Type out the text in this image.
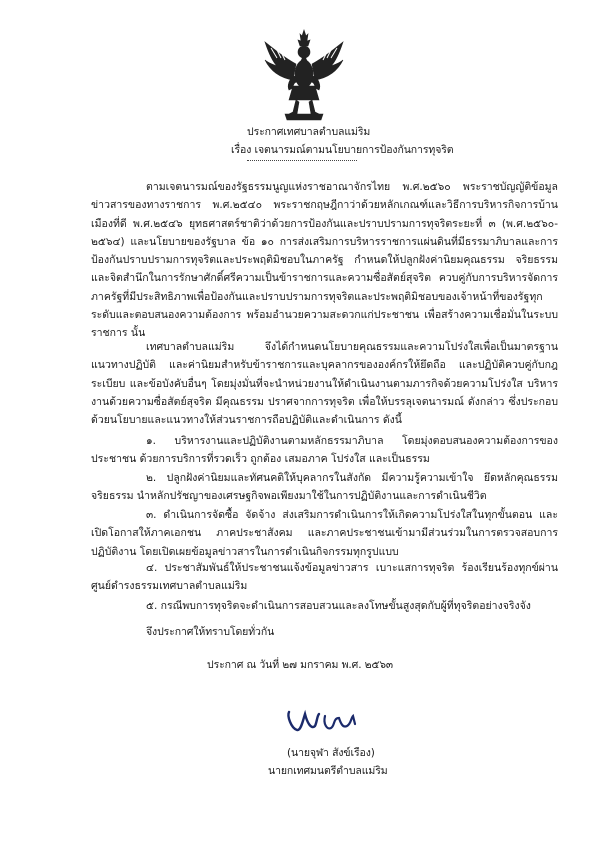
ประกาศเทศบาลตำบลแม่ริม
เรื่อง เจตนารมณ์ตามนโยบายการป้องกันการทุจริต
ตามเจตนารมณ์ของรัฐธรรมนูญแห่งราชอาณาจักรไทย พ.ศ.๒๕๖๐ พระราชบัญญัติข้อมูลข่าวสารของทางราชการ พ.ศ.๒๕๔๐ พระราชกฤษฎีกาว่าด้วยหลักเกณฑ์และวิธีการบริหารกิจการบ้านเมืองที่ดี พ.ศ.๒๕๔๖ ยุทธศาสตร์ชาติว่าด้วยการป้องกันและปราบปรามการทุจริตระยะที่ ๓ (พ.ศ.๒๕๖๐- ๒๕๖๔) และนโยบายของรัฐบาล ข้อ ๑๐ การส่งเสริมการบริหารราชการแผ่นดินที่มีธรรมาภิบาลและการป้องกันปราบปรามการทุจริตและประพฤติมิชอบในภาครัฐ กำหนดให้ปลูกฝังค่านิยมคุณธรรม จริยธรรมและจิตสำนึกในการรักษาศักดิ์ศรีความเป็นข้าราชการและความซื่อสัตย์สุจริต ควบคู่กับการบริหารจัดการภาครัฐที่มีประสิทธิภาพเพื่อป้องกันและปราบปรามการทุจริตและประพฤติมิชอบของเจ้าหน้าที่ของรัฐทุกระดับและตอบสนองความต้องการ พร้อมอำนวยความสะดวกแก่ประชาชน เพื่อสร้างความเชื่อมั่นในระบบราชการ นั้น
เทศบาลตำบลแม่ริม จึงได้กำหนดนโยบายคุณธรรมและความโปร่งใสเพื่อเป็นมาตรฐาน แนวทางปฏิบัติ และค่านิยมสำหรับข้าราชการและบุคลากรขององค์กรให้ยึดถือ และปฏิบัติควบคู่กับกฎ ระเบียบ และข้อบังคับอื่นๆ โดยมุ่งมั่นที่จะนำหน่วยงานให้ดำเนินงานตามภารกิจด้วยความโปร่งใส บริหารงานด้วยความซื่อสัตย์สุจริต มีคุณธรรม ปราศจากการทุจริต เพื่อให้บรรลุเจตนารมณ์ ดังกล่าว ซึ่งประกอบด้วยนโยบายและแนวทางให้ส่วนราชการถือปฏิบัติและดำเนินการ ดังนี้
๑. บริหารงานและปฏิบัติงานตามหลักธรรมาภิบาล โดยมุ่งตอบสนองความต้องการของประชาชน ด้วยการบริการที่รวดเร็ว ถูกต้อง เสมอภาค โปร่งใส และเป็นธรรม
๒. ปลูกฝังค่านิยมและทัศนคติให้บุคลากรในสังกัด มีความรู้ความเข้าใจ ยึดหลักคุณธรรม จริยธรรม นำหลักปรัชญาของเศรษฐกิจพอเพียงมาใช้ในการปฏิบัติงานและการดำเนินชีวิต
๓. ดำเนินการจัดซื้อ จัดจ้าง ส่งเสริมการดำเนินการให้เกิดความโปร่งใสในทุกขั้นตอน และเปิดโอกาสให้ภาคเอกชน ภาคประชาสังคม และภาคประชาชนเข้ามามีส่วนร่วมในการตรวจสอบการปฏิบัติงาน โดยเปิดเผยข้อมูลข่าวสารในการดำเนินกิจกรรมทุกรูปแบบ
๔. ประชาสัมพันธ์ให้ประชาชนแจ้งข้อมูลข่าวสาร เบาะแสการทุจริต ร้องเรียนร้องทุกข์ผ่านศูนย์ดำรงธรรมเทศบาลตำบลแม่ริม
๕. กรณีพบการทุจริตจะดำเนินการสอบสวนและลงโทษขั้นสูงสุดกับผู้ที่ทุจริตอย่างจริงจัง
จึงประกาศให้ทราบโดยทั่วกัน
ประกาศ ณ วันที่ ๒๗ มกราคม พ.ศ. ๒๕๖๓
(นายจุฬา สังข์เรือง)
นายกเทศมนตรีตำบลแม่ริม
